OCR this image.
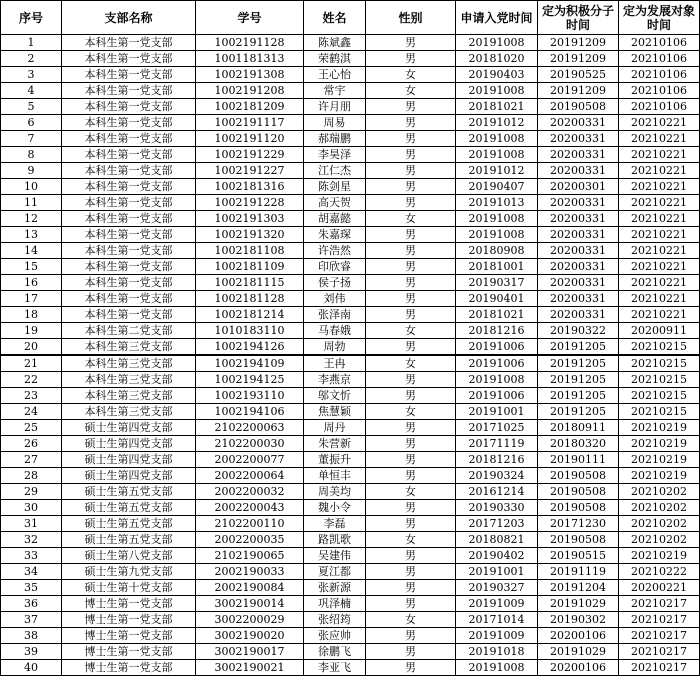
序号	支部名称	学号	姓名	性别	申请入党时间	定为积极分子时间	定为发展对象时间
1	本科生第一党支部	1002191128	陈斌鑫	男	20191008	20191209	20210106
2	本科生第一党支部	1001181313	荣鹤淇	男	20181020	20191209	20210106
3	本科生第一党支部	1002191308	王心怡	女	20190403	20190525	20210106
4	本科生第一党支部	1002191208	常宇	女	20191008	20191209	20210106
5	本科生第一党支部	1002181209	许月朋	男	20181021	20190508	20210106
6	本科生第一党支部	1002191117	周易	男	20191012	20200331	20210221
7	本科生第一党支部	1002191120	郝瑞鹏	男	20191008	20200331	20210221
8	本科生第一党支部	1002191229	李昊泽	男	20191008	20200331	20210221
9	本科生第一党支部	1002191227	江仁杰	男	20191012	20200331	20210221
10	本科生第一党支部	1002181316	陈剑星	男	20190407	20200301	20210221
11	本科生第一党支部	1002191228	高天贺	男	20191013	20200331	20210221
12	本科生第一党支部	1002191303	胡嘉懿	女	20191008	20200331	20210221
13	本科生第一党支部	1002191320	朱嘉琛	男	20191008	20200331	20210221
14	本科生第一党支部	1002181108	许浩然	男	20180908	20200331	20210221
15	本科生第一党支部	1002181109	印欣睿	男	20181001	20200331	20210221
16	本科生第一党支部	1002181115	侯子扬	男	20190317	20200331	20210221
17	本科生第一党支部	1002181128	刘伟	男	20190401	20200331	20210221
18	本科生第一党支部	1002181214	张泽南	男	20181021	20200331	20210221
19	本科生第二党支部	1010183110	马春娥	女	20181216	20190322	20200911
20	本科生第三党支部	1002194126	周勃	男	20191006	20191205	20210215
21	本科生第三党支部	1002194109	王冉	女	20191006	20191205	20210215
22	本科生第三党支部	1002194125	李燕京	男	20191008	20191205	20210215
23	本科生第三党支部	1002193110	邬文忻	男	20191006	20191205	20210215
24	本科生第三党支部	1002194106	焦慧颖	女	20191001	20191205	20210215
25	硕士生第四党支部	2102200063	周丹	男	20171025	20180911	20210219
26	硕士生第四党支部	2102200030	朱营新	男	20171119	20180320	20210219
27	硕士生第四党支部	2002200077	董振升	男	20181216	20190111	20210219
28	硕士生第四党支部	2002200064	单恒丰	男	20190324	20190508	20210219
29	硕士生第五党支部	2002200032	周美均	女	20161214	20190508	20210202
30	硕士生第五党支部	2002200043	魏小令	男	20190330	20190508	20210202
31	硕士生第五党支部	2102200110	李磊	男	20171203	20171230	20210202
32	硕士生第五党支部	2002200035	路凯歌	女	20180821	20190508	20210202
33	硕士生第八党支部	2102190065	吴建伟	男	20190402	20190515	20210219
34	硕士生第九党支部	2002190033	夏江都	男	20191001	20191119	20210222
35	硕士生第十党支部	2002190084	张新源	男	20190327	20191204	20200221
36	博士生第一党支部	3002190014	巩泽楠	男	20191009	20191029	20210217
37	博士生第一党支部	3002200029	张绍筠	女	20171014	20190302	20210217
38	博士生第一党支部	3002190020	张应帅	男	20191009	20200106	20210217
39	博士生第一党支部	3002190017	徐鹏飞	男	20191018	20191029	20210217
40	博士生第一党支部	3002190021	李亚飞	男	20191008	20200106	20210217
